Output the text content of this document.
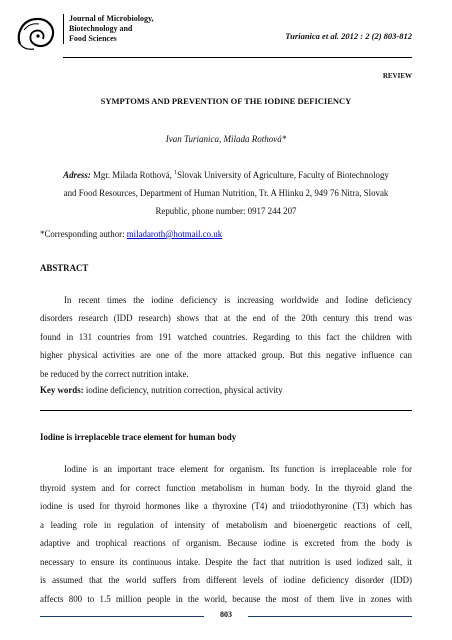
Journal of Microbiology,
Biotechnology and
Food Sciences	Turianica et al. 2012 : 2 (2) 803-812
REVIEW
SYMPTOMS AND PREVENTION OF THE IODINE DEFICIENCY
Ivan Turianica, Milada Rothová*
Adress: Mgr. Milada Rothová, $^1$Slovak University of Agriculture, Faculty of Biotechnology
and Food Resources, Department of Human Nutrition, Tr. A Hlinku 2, 949 76 Nitra, Slovak
Republic, phone number: 0917 244 207
*Corresponding author: miladaroth@hotmail.co.uk
ABSTRACT
In recent times the iodine deficiency is increasing worldwide and Iodine deficiency
disorders research (IDD research) shows that at the end of the 20th century this trend was
found in 131 countries from 191 watched countries. Regarding to this fact the children with
higher physical activities are one of the more attacked group. But this negative influence can
be reduced by the correct nutrition intake.
Key words: iodine deficiency, nutrition correction, physical activity
Iodine is irreplaceble trace element for human body
Iodine is an important trace element for organism. Its function is irreplaceable role for
thyroid system and for correct function metabolism in human body. In the thyroid gland the
iodine is used for thyroid hormones like a thyroxine (T4) and triiodothyronine (T3) which has
a leading role in regulation of intensity of metabolism and bioenergetic reactions of cell,
adaptive and trophical reactions of organism. Because iodine is excreted from the body is
necessary to ensure its continuous intake. Despite the fact that nutrition is used iodized salt, it
is assumed that the world suffers from different levels of iodine deficiency disorder (IDD)
affects 800 to 1.5 million people in the world, because the most of them live in zones with
803
